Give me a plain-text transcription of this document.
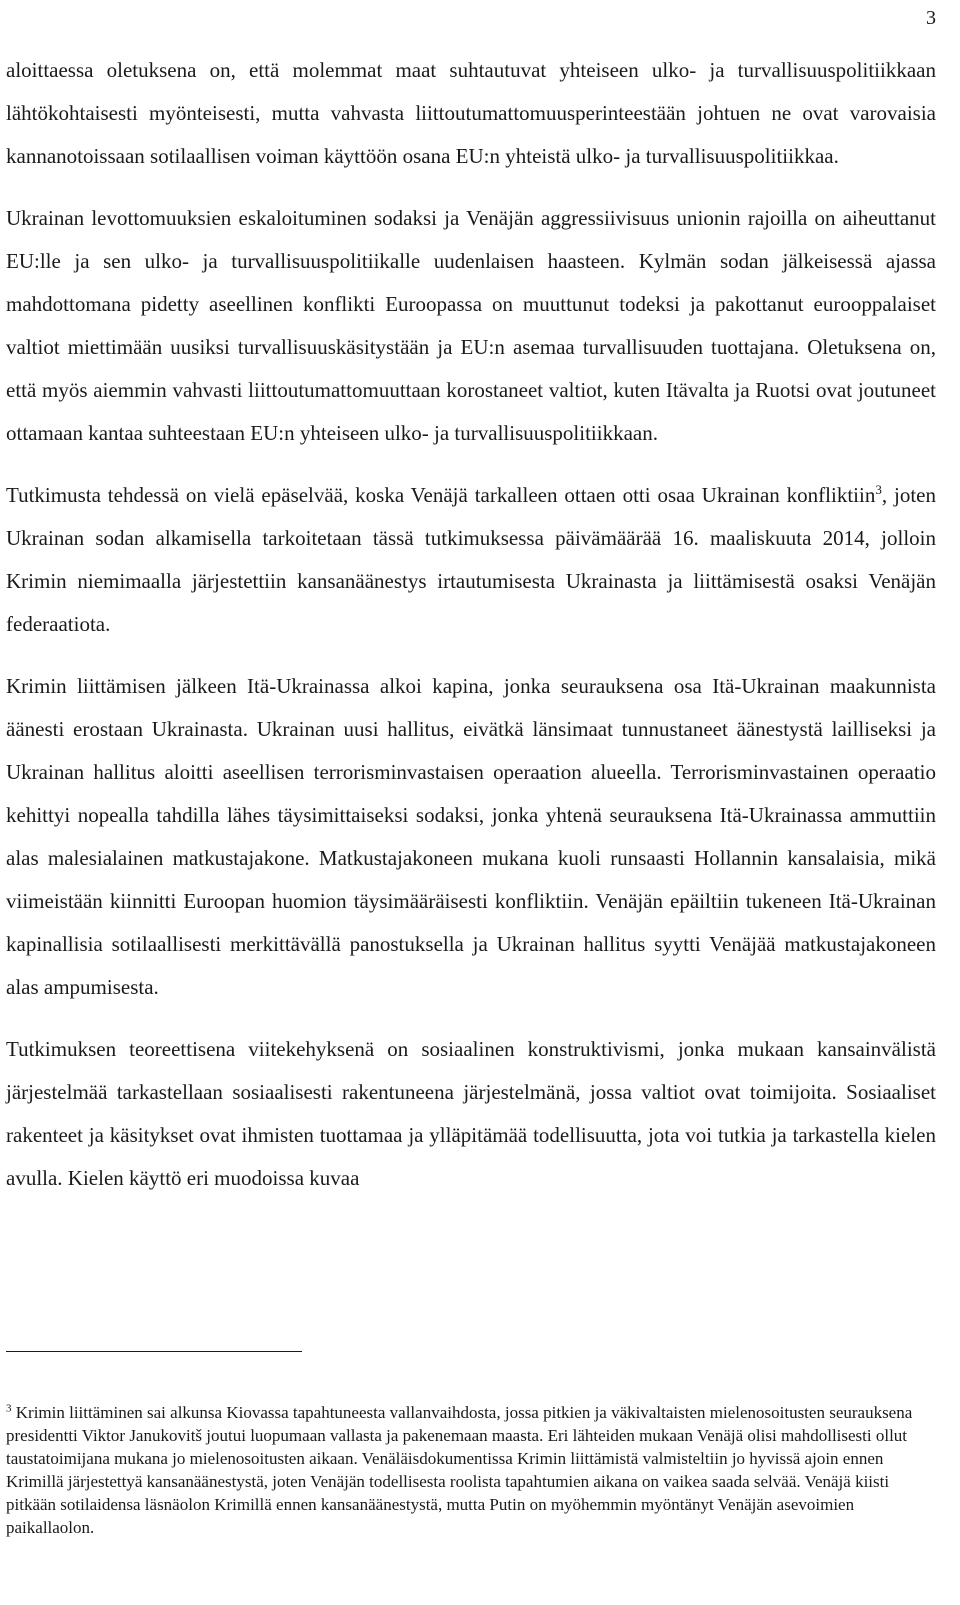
3

aloittaessa oletuksena on, että molemmat maat suhtautuvat yhteiseen ulko- ja turvallisuuspolitiikkaan lähtökohtaisesti myönteisesti, mutta vahvasta liittoutumattomuusperinteestään johtuen ne ovat varovaisia kannanotoissaan sotilaallisen voiman käyttöön osana EU:n yhteistä ulko- ja turvallisuuspolitiikkaa.

Ukrainan levottomuuksien eskaloituminen sodaksi ja Venäjän aggressiivisuus unionin rajoilla on aiheuttanut EU:lle ja sen ulko- ja turvallisuuspolitiikalle uudenlaisen haasteen. Kylmän sodan jälkeisessä ajassa mahdottomana pidetty aseellinen konflikti Euroopassa on muuttunut todeksi ja pakottanut eurooppalaiset valtiot miettimään uusiksi turvallisuuskäsitystään ja EU:n asemaa turvallisuuden tuottajana. Oletuksena on, että myös aiemmin vahvasti liittoutumattomuuttaan korostaneet valtiot, kuten Itävalta ja Ruotsi ovat joutuneet ottamaan kantaa suhteestaan EU:n yhteiseen ulko- ja turvallisuuspolitiikkaan.

Tutkimusta tehdessä on vielä epäselvää, koska Venäjä tarkalleen ottaen otti osaa Ukrainan konfliktiin$^3$, joten Ukrainan sodan alkamisella tarkoitetaan tässä tutkimuksessa päivämäärää 16. maaliskuuta 2014, jolloin Krimin niemimaalla järjestettiin kansanäänestys irtautumisesta Ukrainasta ja liittämisestä osaksi Venäjän federaatiota.

Krimin liittämisen jälkeen Itä-Ukrainassa alkoi kapina, jonka seurauksena osa Itä-Ukrainan maakunnista äänesti erostaan Ukrainasta. Ukrainan uusi hallitus, eivätkä länsimaat tunnustaneet äänestystä lailliseksi ja Ukrainan hallitus aloitti aseellisen terrorisminvastaisen operaation alueella. Terrorisminvastainen operaatio kehittyi nopealla tahdilla lähes täysimittaiseksi sodaksi, jonka yhtenä seurauksena Itä-Ukrainassa ammuttiin alas malesialainen matkustajakone. Matkustajakoneen mukana kuoli runsaasti Hollannin kansalaisia, mikä viimeistään kiinnitti Euroopan huomion täysimääräisesti konfliktiin. Venäjän epäiltiin tukeneen Itä-Ukrainan kapinallisia sotilaallisesti merkittävällä panostuksella ja Ukrainan hallitus syytti Venäjää matkustajakoneen alas ampumisesta.

Tutkimuksen teoreettisena viitekehyksenä on sosiaalinen konstruktivismi, jonka mukaan kansainvälistä järjestelmää tarkastellaan sosiaalisesti rakentuneena järjestelmänä, jossa valtiot ovat toimijoita. Sosiaaliset rakenteet ja käsitykset ovat ihmisten tuottamaa ja ylläpitämää todellisuutta, jota voi tutkia ja tarkastella kielen avulla. Kielen käyttö eri muodoissa kuvaa

$^3$ Krimin liittäminen sai alkunsa Kiovassa tapahtuneesta vallanvaihdosta, jossa pitkien ja väkivaltaisten mielenosoitusten seurauksena presidentti Viktor Janukovitš joutui luopumaan vallasta ja pakenemaan maasta. Eri lähteiden mukaan Venäjä olisi mahdollisesti ollut taustatoimijana mukana jo mielenosoitusten aikaan. Venäläisdokumentissa Krimin liittämistä valmisteltiin jo hyvissä ajoin ennen Krimillä järjestettyä kansanäänestystä, joten Venäjän todellisesta roolista tapahtumien aikana on vaikea saada selvää. Venäjä kiisti pitkään sotilaidensa läsnäolon Krimillä ennen kansanäänestystä, mutta Putin on myöhemmin myöntänyt Venäjän asevoimien paikallaolon.
